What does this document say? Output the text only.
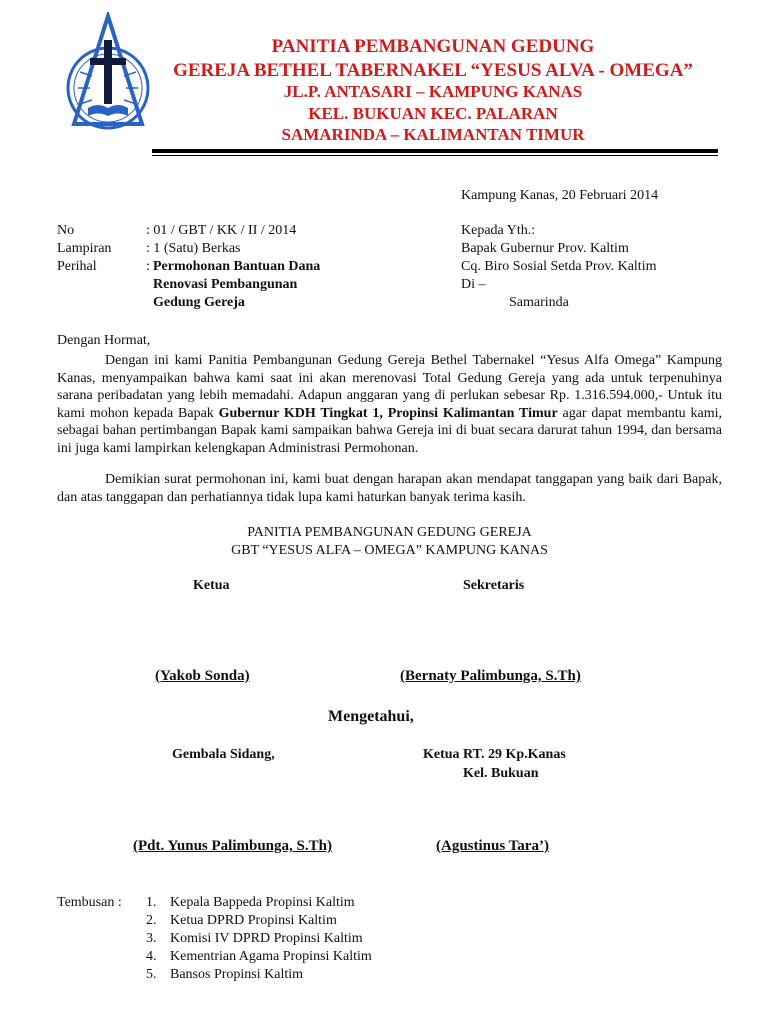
PANITIA PEMBANGUNAN GEDUNG
GEREJA BETHEL TABERNAKEL “YESUS ALVA - OMEGA”
JL.P. ANTASARI – KAMPUNG KANAS
KEL. BUKUAN KEC. PALARAN
SAMARINDA – KALIMANTAN TIMUR
Kampung Kanas, 20 Februari 2014
No	: 01 / GBT / KK / II / 2014
Lampiran : 1 (Satu) Berkas
Perihal	: Permohonan Bantuan Dana
Renovasi Pembangunan
Gedung Gereja
Kepada Yth.:
Bapak Gubernur Prov. Kaltim
Cq. Biro Sosial Setda Prov. Kaltim
Di –
Samarinda
Dengan Hormat,
Dengan ini kami Panitia Pembangunan Gedung Gereja Bethel Tabernakel “Yesus Alfa Omega” Kampung Kanas, menyampaikan bahwa kami saat ini akan merenovasi Total Gedung Gereja yang ada untuk terpenuhinya sarana peribadatan yang lebih memadahi. Adapun anggaran yang di perlukan sebesar Rp. 1.316.594.000,- Untuk itu kami mohon kepada Bapak Gubernur KDH Tingkat 1, Propinsi Kalimantan Timur agar dapat membantu kami, sebagai bahan pertimbangan Bapak kami sampaikan bahwa Gereja ini di buat secara darurat tahun 1994, dan bersama ini juga kami lampirkan kelengkapan Administrasi Permohonan.
Demikian surat permohonan ini, kami buat dengan harapan akan mendapat tanggapan yang baik dari Bapak, dan atas tanggapan dan perhatiannya tidak lupa kami haturkan banyak terima kasih.
PANITIA PEMBANGUNAN GEDUNG GEREJA
GBT “YESUS ALFA – OMEGA” KAMPUNG KANAS
Ketua	Sekretaris
(Yakob Sonda)	(Bernaty Palimbunga, S.Th)
Mengetahui,
Gembala Sidang,	Ketua RT. 29 Kp.Kanas
Kel. Bukuan
(Pdt. Yunus Palimbunga, S.Th)	(Agustinus Tara’)
Tembusan : 1. Kepala Bappeda Propinsi Kaltim
2. Ketua DPRD Propinsi Kaltim
3. Komisi IV DPRD Propinsi Kaltim
4. Kementrian Agama Propinsi Kaltim
5. Bansos Propinsi Kaltim
